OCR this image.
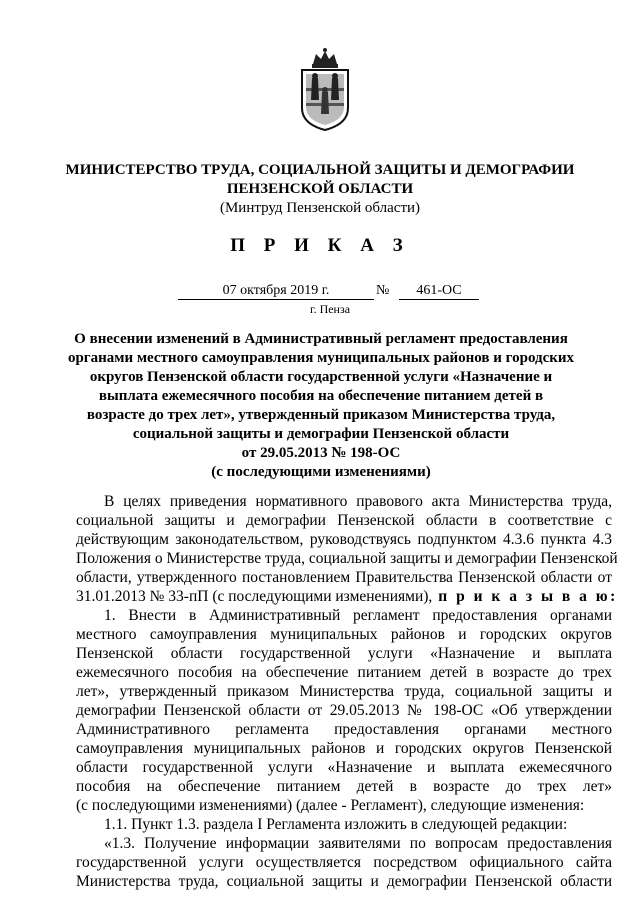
МИНИСТЕРСТВО ТРУДА, СОЦИАЛЬНОЙ ЗАЩИТЫ И ДЕМОГРАФИИ
ПЕНЗЕНСКОЙ ОБЛАСТИ
(Минтруд Пензенской области)
П Р И К А З
07 октября 2019 г.	№	461-ОС
г. Пенза
О внесении изменений в Административный регламент предоставления
органами местного самоуправления муниципальных районов и городских
округов Пензенской области государственной услуги «Назначение и
выплата ежемесячного пособия на обеспечение питанием детей в
возрасте до трех лет», утвержденный приказом Министерства труда,
социальной защиты и демографии Пензенской области
от 29.05.2013 № 198-ОС
(с последующими изменениями)
В целях приведения нормативного правового акта Министерства труда,
социальной защиты и демографии Пензенской области в соответствие с
действующим законодательством, руководствуясь подпунктом 4.3.6 пункта 4.3
Положения о Министерстве труда, социальной защиты и демографии Пензенской
области, утвержденного постановлением Правительства Пензенской области от
31.01.2013 № 33-пП (с последующими изменениями), п р и к а з ы в а ю:
1. Внести в Административный регламент предоставления органами
местного самоуправления муниципальных районов и городских округов
Пензенской области государственной услуги «Назначение и выплата
ежемесячного пособия на обеспечение питанием детей в возрасте до трех
лет», утвержденный приказом Министерства труда, социальной защиты и
демографии Пензенской области от 29.05.2013 № 198-ОС «Об утверждении
Административного регламента предоставления органами местного
самоуправления муниципальных районов и городских округов Пензенской
области государственной услуги «Назначение и выплата ежемесячного
пособия на обеспечение питанием детей в возрасте до трех лет»
(с последующими изменениями) (далее - Регламент), следующие изменения:
1.1. Пункт 1.3. раздела I Регламента изложить в следующей редакции:
«1.3. Получение информации заявителями по вопросам предоставления
государственной услуги осуществляется посредством официального сайта
Министерства труда, социальной защиты и демографии Пензенской области
